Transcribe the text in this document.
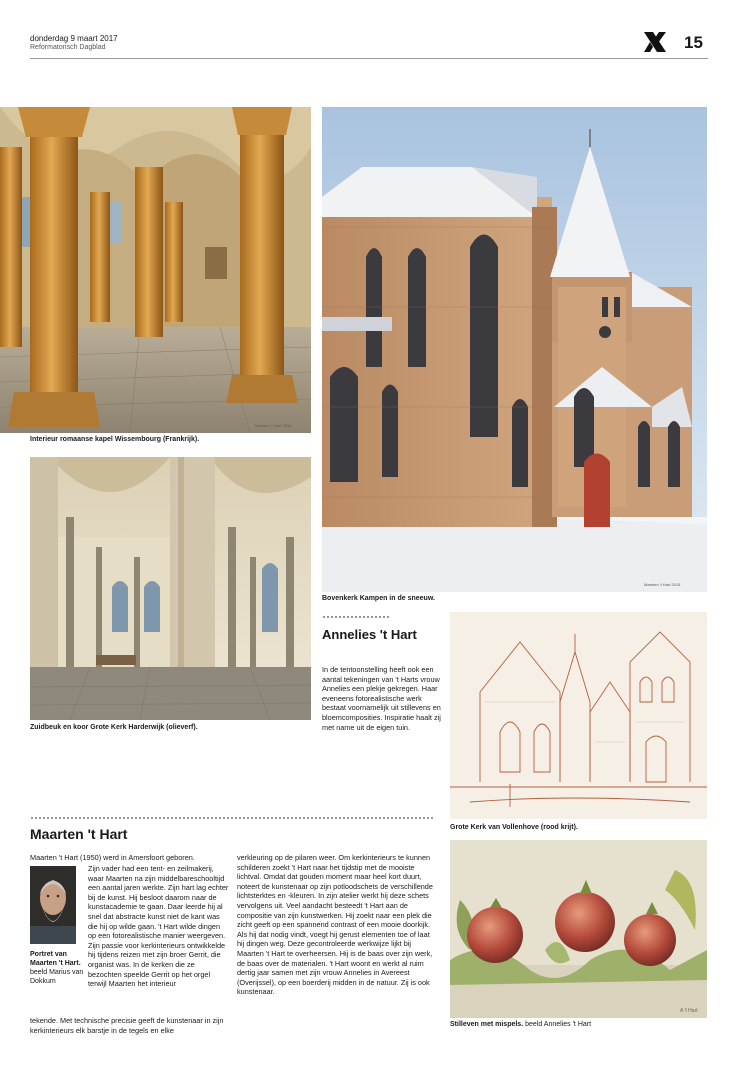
donderdag 9 maart 2017
Reformatorisch Dagblad	15
Maarten 't Hart 2015
Interieur romaanse kapel Wissembourg (Frankrijk).
Maarten 't Hart 2015
Bovenkerk Kampen in de sneeuw.
Zuidbeuk en koor Grote Kerk Harderwijk (olieverf).
Annelies 't Hart
In de tentoonstelling heeft ook een aantal tekeningen van 't Harts vrouw Annelies een plekje gekregen. Haar eveneens fotorealistische werk bestaat voornamelijk uit stillevens en bloemcomposities. Inspiratie haalt zij met name uit de eigen tuin.
Grote Kerk van Vollenhove (rood krijt).
Maarten 't Hart
Maarten 't Hart (1950) werd in Amersfoort geboren.
Portret van Maarten 't Hart. beeld Marius van Dokkum
Zijn vader had een tent- en zeilmakerij, waar Maarten na zijn middelbareschooltijd een aantal jaren werkte. Zijn hart lag echter bij de kunst. Hij besloot daarom naar de kunstacademie te gaan. Daar leerde hij al snel dat abstracte kunst niet de kant was die hij op wilde gaan. 't Hart wilde dingen op een fotorealistische manier weergeven. Zijn passie voor kerkinterieurs ontwikkelde hij tijdens reizen met zijn broer Gerrit, die organist was. In de kerken die ze bezochten speelde Gerrit op het orgel terwijl Maarten het interieur
tekende. Met technische precisie geeft de kunstenaar in zijn kerkinterieurs elk barstje in de tegels en elke
verkleuring op de pilaren weer. Om kerkinterieurs te kunnen schilderen zoekt 't Hart naar het tijdstip met de mooiste lichtval. Omdat dat gouden moment maar heel kort duurt, noteert de kunstenaar op zijn potloodschets de verschillende lichtsterktes en -kleuren. In zijn atelier werkt hij deze schets vervolgens uit. Veel aandacht besteedt 't Hart aan de compositie van zijn kunstwerken. Hij zoekt naar een plek die zicht geeft op een spannend contrast of een mooie doorkijk. Als hij dat nodig vindt, voegt hij gerust elementen toe of laat hij dingen weg. Deze gecontroleerde werkwijze lijkt bij Maarten 't Hart te overheersen. Hij is de baas over zijn werk, de baas over de materialen. 't Hart woont en werkt al ruim dertig jaar samen met zijn vrouw Annelies in Avereest (Overijssel), op een boerderij midden in de natuur. Zij is ook kunstenaar.
A 't Hart
Stilleven met mispels. beeld Annelies 't Hart
